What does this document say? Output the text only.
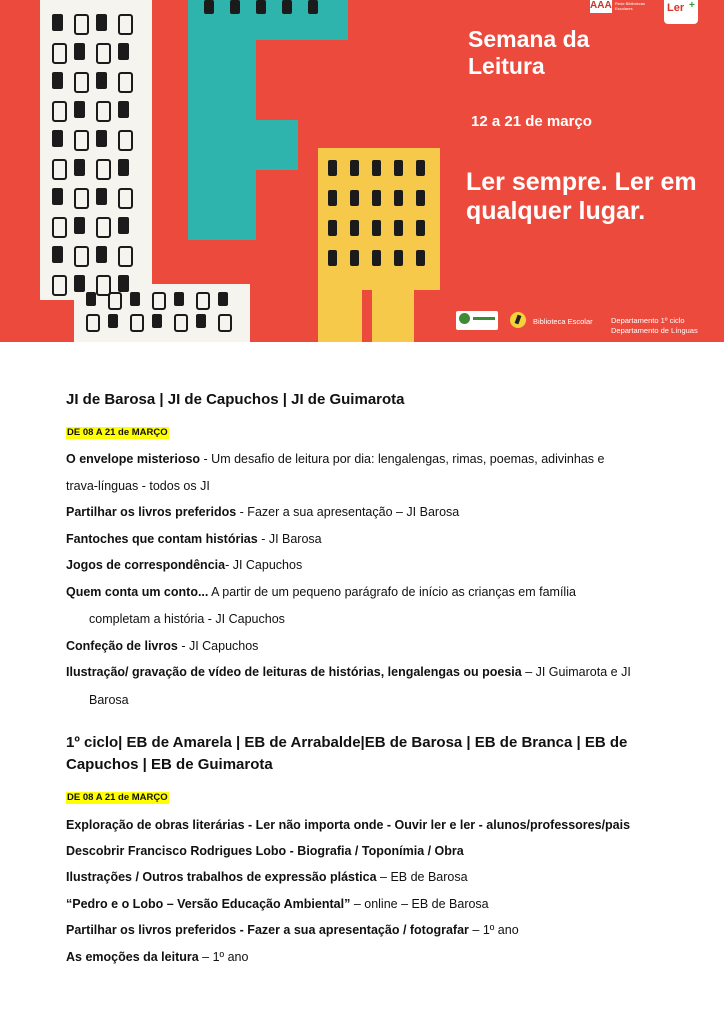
Semana da Leitura
12 a 21 de março
Ler sempre. Ler em qualquer lugar.
ААА Rede Bibliotecas Escolares	Ler +
Biblioteca Escolar Departamento 1º ciclo
Departamento de Línguas
JI de Barosa | JI de Capuchos | JI de Guimarota
DE 08 A 21 de MARÇO
O envelope misterioso - Um desafio de leitura por dia: lengalengas, rimas, poemas, adivinhas e
trava-línguas - todos os JI
Partilhar os livros preferidos - Fazer a sua apresentação – JI Barosa
Fantoches que contam histórias - JI Barosa
Jogos de correspondência- JI Capuchos
Quem conta um conto... A partir de um pequeno parágrafo de início as crianças em família
completam a história - JI Capuchos
Confeção de livros - JI Capuchos
Ilustração/ gravação de vídeo de leituras de histórias, lengalengas ou poesia – JI Guimarota e JI
Barosa
1º ciclo| EB de Amarela | EB de Arrabalde|EB de Barosa | EB de Branca | EB de
Capuchos | EB de Guimarota
DE 08 A 21 de MARÇO
Exploração de obras literárias - Ler não importa onde - Ouvir ler e ler - alunos/professores/pais
Descobrir Francisco Rodrigues Lobo - Biografia / Toponímia / Obra
Ilustrações / Outros trabalhos de expressão plástica – EB de Barosa
“Pedro e o Lobo – Versão Educação Ambiental” – online – EB de Barosa
Partilhar os livros preferidos - Fazer a sua apresentação / fotografar – 1º ano
As emoções da leitura – 1º ano
